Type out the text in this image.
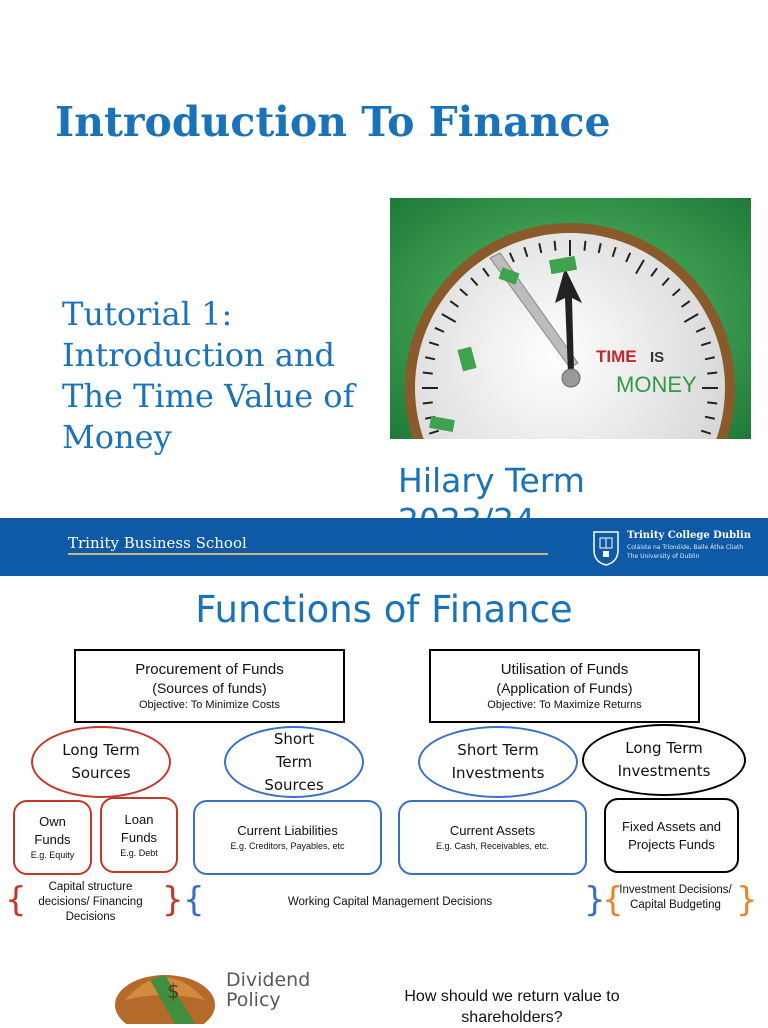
Introduction To Finance
Tutorial 1: Introduction and The Time Value of Money
TIME IS
MONEY
Hilary Term
Trinity Business School	Trinity College Dublin
Coláiste na Tríonóide, Baile Átha Cliath
The University of Dublin
Functions of Finance
Procurement of Funds
(Sources of funds)
Objective: To Minimize Costs
Utilisation of Funds
(Application of Funds)
Objective: To Maximize Returns
Long Term Sources
Short Term Sources
Short Term Investments
Long Term Investments
Own Funds
E.g. Equity
Loan Funds
E.g. Debt
Current Liabilities
E.g. Creditors, Payables, etc
Current Assets
E.g. Cash, Receivables, etc.
Fixed Assets and Projects Funds
{	Capital structure decisions/ Financing Decisions	} {	Working Capital Management Decisions	}
{
Investment Decisions/ Capital Budgeting }
$ Dividend
Policy	How should we return value to shareholders?
